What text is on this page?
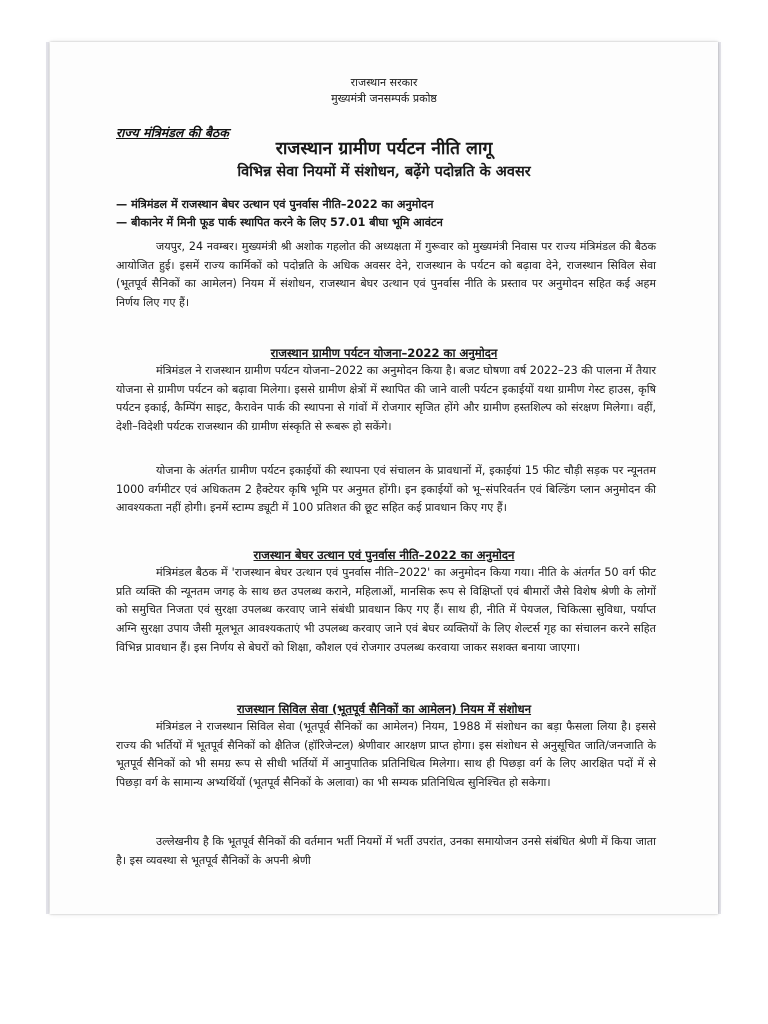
राजस्थान सरकार
मुख्यमंत्री जनसम्पर्क प्रकोष्ठ
राज्य मंत्रिमंडल की बैठक
राजस्थान ग्रामीण पर्यटन नीति लागू
विभिन्न सेवा नियमों में संशोधन, बढ़ेंगे पदोन्नति के अवसर
— मंत्रिमंडल में राजस्थान बेघर उत्थान एवं पुनर्वास नीति–2022 का अनुमोदन
— बीकानेर में मिनी फूड पार्क स्थापित करने के लिए 57.01 बीघा भूमि आवंटन

जयपुर, 24 नवम्बर। मुख्यमंत्री श्री अशोक गहलोत की अध्यक्षता में गुरूवार को मुख्यमंत्री निवास पर राज्य मंत्रिमंडल की बैठक आयोजित हुई। इसमें राज्य कार्मिकों को पदोन्नति के अधिक अवसर देने, राजस्थान के पर्यटन को बढ़ावा देने, राजस्थान सिविल सेवा (भूतपूर्व सैनिकों का आमेलन) नियम में संशोधन, राजस्थान बेघर उत्थान एवं पुनर्वास नीति के प्रस्ताव पर अनुमोदन सहित कई अहम निर्णय लिए गए हैं।

राजस्थान ग्रामीण पर्यटन योजना–2022 का अनुमोदन

मंत्रिमंडल ने राजस्थान ग्रामीण पर्यटन योजना–2022 का अनुमोदन किया है। बजट घोषणा वर्ष 2022–23 की पालना में तैयार योजना से ग्रामीण पर्यटन को बढ़ावा मिलेगा। इससे ग्रामीण क्षेत्रों में स्थापित की जाने वाली पर्यटन इकाईयों यथा ग्रामीण गेस्ट हाउस, कृषि पर्यटन इकाई, कैम्पिंग साइट, कैरावेन पार्क की स्थापना से गांवों में रोजगार सृजित होंगे और ग्रामीण हस्तशिल्प को संरक्षण मिलेगा। वहीं, देशी–विदेशी पर्यटक राजस्थान की ग्रामीण संस्कृति से रूबरू हो सकेंगे।

योजना के अंतर्गत ग्रामीण पर्यटन इकाईयों की स्थापना एवं संचालन के प्रावधानों में, इकाईयां 15 फीट चौड़ी सड़क पर न्यूनतम 1000 वर्गमीटर एवं अधिकतम 2 हैक्टेयर कृषि भूमि पर अनुमत होंगी। इन इकाईयों को भू–संपरिवर्तन एवं बिल्डिंग प्लान अनुमोदन की आवश्यकता नहीं होगी। इनमें स्टाम्प ड्यूटी में 100 प्रतिशत की छूट सहित कई प्रावधान किए गए हैं।

राजस्थान बेघर उत्थान एवं पुनर्वास नीति–2022 का अनुमोदन

मंत्रिमंडल बैठक में 'राजस्थान बेघर उत्थान एवं पुनर्वास नीति–2022' का अनुमोदन किया गया। नीति के अंतर्गत 50 वर्ग फीट प्रति व्यक्ति की न्यूनतम जगह के साथ छत उपलब्ध कराने, महिलाओं, मानसिक रूप से विक्षिप्तों एवं बीमारों जैसे विशेष श्रेणी के लोगों को समुचित निजता एवं सुरक्षा उपलब्ध करवाए जाने संबंधी प्रावधान किए गए हैं। साथ ही, नीति में पेयजल, चिकित्सा सुविधा, पर्याप्त अग्नि सुरक्षा उपाय जैसी मूलभूत आवश्यकताएं भी उपलब्ध करवाए जाने एवं बेघर व्यक्तियों के लिए शेल्टर्स गृह का संचालन करने सहित विभिन्न प्रावधान हैं। इस निर्णय से बेघरों को शिक्षा, कौशल एवं रोजगार उपलब्ध करवाया जाकर सशक्त बनाया जाएगा।

राजस्थान सिविल सेवा (भूतपूर्व सैनिकों का आमेलन) नियम में संशोधन

मंत्रिमंडल ने राजस्थान सिविल सेवा (भूतपूर्व सैनिकों का आमेलन) नियम, 1988 में संशोधन का बड़ा फैसला लिया है। इससे राज्य की भर्तियों में भूतपूर्व सैनिकों को क्षैतिज (हॉरिजेन्टल) श्रेणीवार आरक्षण प्राप्त होगा। इस संशोधन से अनुसूचित जाति/जनजाति के भूतपूर्व सैनिकों को भी समग्र रूप से सीधी भर्तियों में आनुपातिक प्रतिनिधित्व मिलेगा। साथ ही पिछड़ा वर्ग के लिए आरक्षित पदों में से पिछड़ा वर्ग के सामान्य अभ्यर्थियों (भूतपूर्व सैनिकों के अलावा) का भी सम्यक प्रतिनिधित्व सुनिश्चित हो सकेगा।

उल्लेखनीय है कि भूतपूर्व सैनिकों की वर्तमान भर्ती नियमों में भर्ती उपरांत, उनका समायोजन उनसे संबंधित श्रेणी में किया जाता है। इस व्यवस्था से भूतपूर्व सैनिकों के अपनी श्रेणी
